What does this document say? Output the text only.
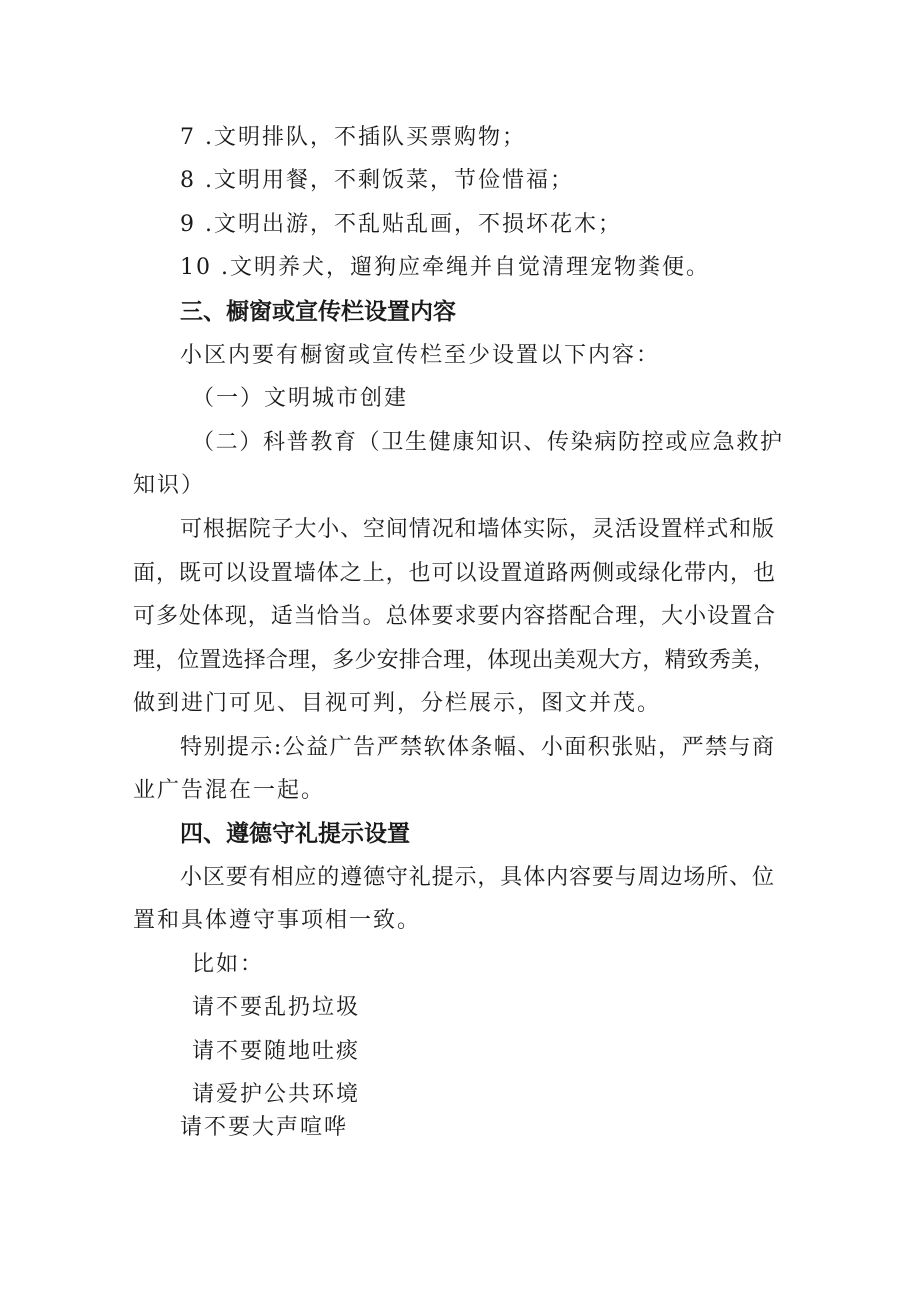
7 .文明排队，不插队买票购物；
8 .文明用餐，不剩饭菜，节俭惜福；
9 .文明出游，不乱贴乱画，不损坏花木；
10 .文明养犬，遛狗应牵绳并自觉清理宠物粪便。
三、橱窗或宣传栏设置内容
小区内要有橱窗或宣传栏至少设置以下内容：
（一）文明城市创建
（二）科普教育（卫生健康知识、传染病防控或应急救护
知识）
可根据院子大小、空间情况和墙体实际，灵活设置样式和版
面，既可以设置墙体之上，也可以设置道路两侧或绿化带内，也
可多处体现，适当恰当。总体要求要内容搭配合理，大小设置合
理，位置选择合理，多少安排合理，体现出美观大方，精致秀美，
做到进门可见、目视可判，分栏展示，图文并茂。
特别提示:公益广告严禁软体条幅、小面积张贴，严禁与商
业广告混在一起。
四、遵德守礼提示设置
小区要有相应的遵德守礼提示，具体内容要与周边场所、位
置和具体遵守事项相一致。
比如：
请不要乱扔垃圾
请不要随地吐痰
请爱护公共环境
请不要大声喧哗
